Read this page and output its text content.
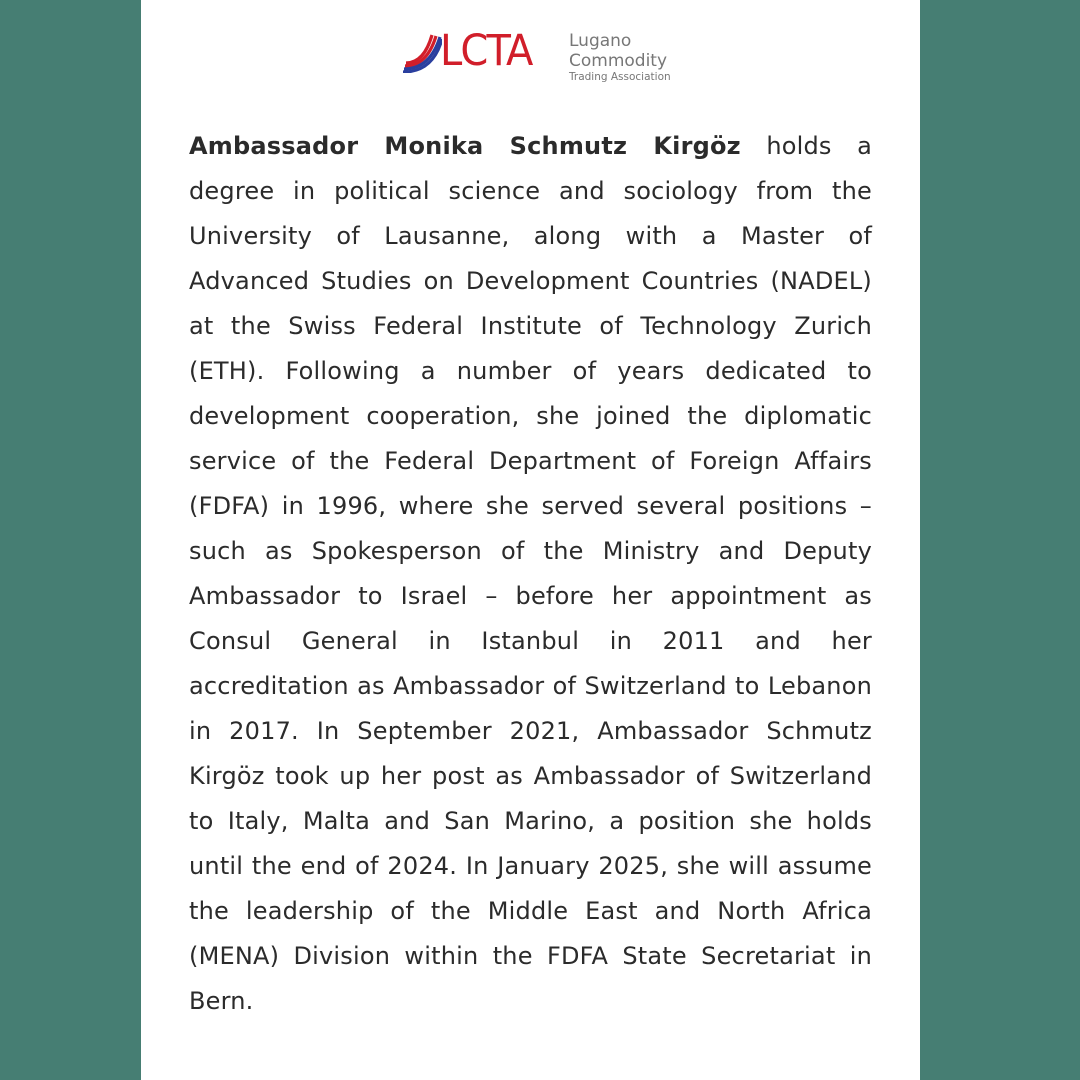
LCTA Lugano
Commodity
Trading Association

Ambassador Monika Schmutz Kirgöz holds a degree in political science and sociology from the University of Lausanne, along with a Master of Advanced Studies on Development Countries (NADEL) at the Swiss Federal Institute of Technology Zurich (ETH). Following a number of years dedicated to development cooperation, she joined the diplomatic service of the Federal Department of Foreign Affairs (FDFA) in 1996, where she served several positions – such as Spokesperson of the Ministry and Deputy Ambassador to Israel – before her appointment as Consul General in Istanbul in 2011 and her accreditation as Ambassador of Switzerland to Lebanon in 2017. In September 2021, Ambassador Schmutz Kirgöz took up her post as Ambassador of Switzerland to Italy, Malta and San Marino, a position she holds until the end of 2024. In January 2025, she will assume the leadership of the Middle East and North Africa (MENA) Division within the FDFA State Secretariat in Bern.
